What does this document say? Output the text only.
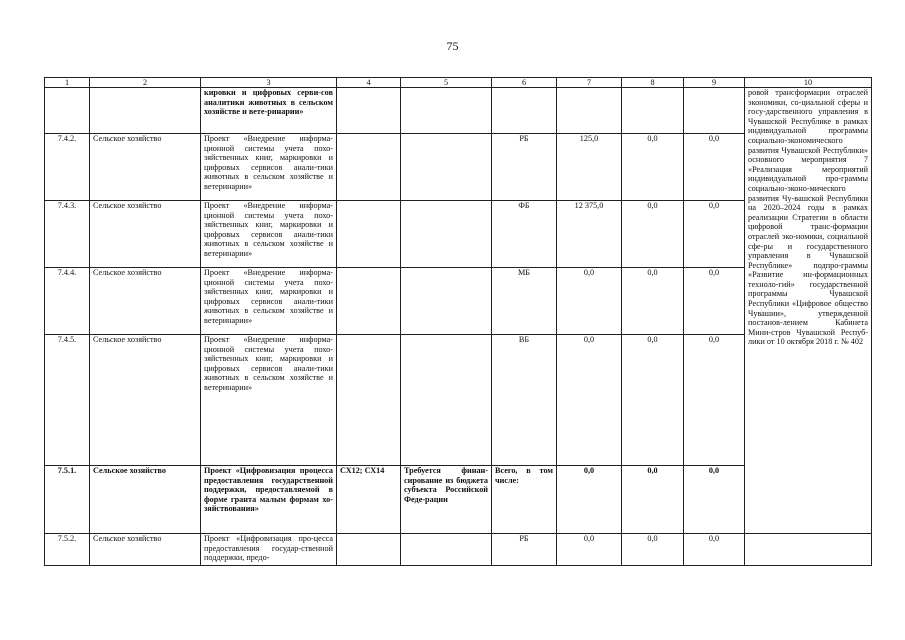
75
1	2	3	4	5	6	7	8	9	10
		кировки и цифровых серви-сов аналитики животных в сельском хозяйстве и вете-ринарии»							ровой трансформации отраслей экономики, со-циальной сферы и госу-дарственного управления в Чувашской Республике в рамках индивидуальной программы социально-экономического развития Чувашской Республики» основного мероприятия 7 «Реализация мероприятий индивидуальной про-граммы социально-эконо-мического развития Чу-вашской Республики на 2020–2024 годы в рамках реализации Стратегии в области цифровой транс-формации отраслей эко-номики, социальной сфе-ры и государственного управления в Чувашской Республике» подпро-граммы «Развитие ин-формационных техноло-гий» государственной программы Чувашской Республики «Цифровое общество Чувашии», утвержденной постанов-лением Кабинета Мини-стров Чувашской Респуб-лики от 10 октября 2018 г. № 402
7.4.2.	Сельское хозяйство	Проект «Внедрение информа-ционной системы учета похо-зяйственных книг, маркировки и цифровых сервисов анали-тики животных в сельском хозяйстве и ветеринарии»			РБ	125,0	0,0	0,0	
7.4.3.	Сельское хозяйство	Проект «Внедрение информа-ционной системы учета похо-зяйственных книг, маркировки и цифровых сервисов анали-тики животных в сельском хозяйстве и ветеринарии»			ФБ	12 375,0	0,0	0,0	
7.4.4.	Сельское хозяйство	Проект «Внедрение информа-ционной системы учета похо-зяйственных книг, маркировки и цифровых сервисов анали-тики животных в сельском хозяйстве и ветеринарии»			МБ	0,0	0,0	0,0	
7.4.5.	Сельское хозяйство	Проект «Внедрение информа-ционной системы учета похо-зяйственных книг, маркировки и цифровых сервисов анали-тики животных в сельском хозяйстве и ветеринарии»			ВБ	0,0	0,0	0,0	
7.5.1.	Сельское хозяйство	Проект «Цифровизация процесса предоставления государственной поддержки, предоставляемой в форме гранта малым формам хо-зяйствования»	СХ12; СХ14	Требуется финан-сирование из бюджета субъекта Российской Феде-рации	Всего, в том числе:	0,0	0,0	0,0	
7.5.2.	Сельское хозяйство	Проект «Цифровизация про-цесса предоставления государ-ственной поддержки, предо-			РБ	0,0	0,0	0,0	
